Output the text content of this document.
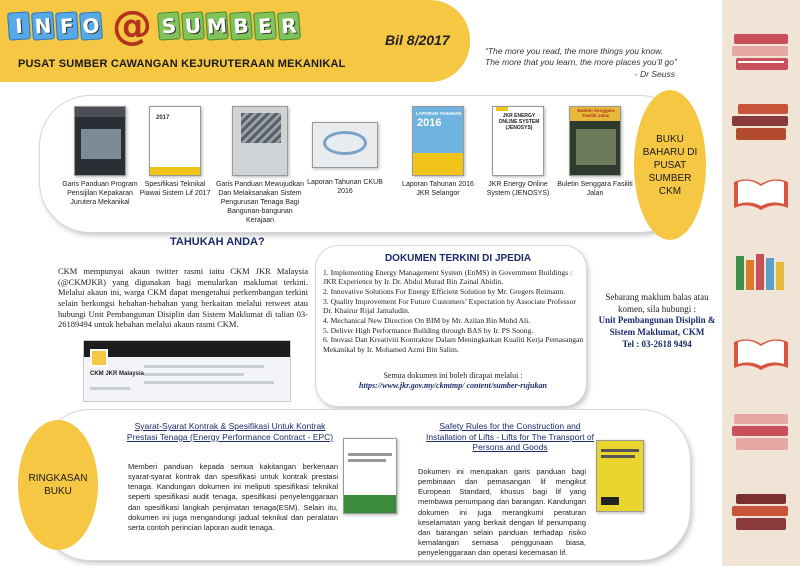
I N F O @ S U M B E R
Bil 8/2017
PUSAT SUMBER CAWANGAN KEJURUTERAAN MEKANIKAL
“The more you read, the more things you know.
The more that you learn, the more places you’ll go”
- Dr Seuss
BUKU BAHARU DI PUSAT SUMBER CKM
Garis Panduan Program Pensijilan Kepakaran Jurutera Mekanikal
2017
Spesifikasi Teknikal Piawai Sistem Lif 2017
Garis Panduan Mewujudkan Dan Melaksanakan Sistem Pengurusan Tenaga Bagi Bangunan-bangunan Kerajaan
Laporan Tahunan CKUB 2016
LAPORAN TAHUNAN
2016
Laporan Tahunan 2016 JKR Selangor
JKR ENERGY ONLINE SYSTEM (JENOSYS)
JKR Energy Online System (JENOSYS)
Buletin Senggara Fasiliti Jalan
Buletin Senggara Fasiliti Jalan
TAHUKAH ANDA?
CKM mempunyai akaun twitter rasmi iaitu CKM JKR Malaysia (@CKMJKR) yang digunakan bagi menularkan maklumat terkini. Melalui akaun ini, warga CKM dapat mengetahui perkembangan terkini selain berkongsi hebahan-hebahan yang berkaitan melalui retweet atau hubungi Unit Pembangunan Disiplin dan Sistem Maklumat di talian 03-26189494 untuk hebahan melalui akaun rasmi CKM.
CKM JKR Malaysia
DOKUMEN TERKINI DI JPEDIA
1. Implementing Energy Management System (EnMS) in Government Buildings : JKR Experience by Ir. Dr. Abdul Murad Bin Zainal Abidin.
2. Innovative Solutions For Energy Efficient Solution by Mr. Gregers Reimann.
3. Quality Improvement For Future Customers’ Expectation by Associate Professor Dr. Khairur Rijal Jamaludin.
4. Mechanical New Direction On BIM by Mr. Azilan Bin Mohd Ali.
5. Deliver High Performance Building through BAS by Ir. PS Soong.
6. Inovasi Dan Kreativiti Kontraktor Dalam Meningkatkan Kualiti Kerja Pemasangan Mekanikal by Ir. Mohamed Azmi Bin Salim.
Semua dokumen ini boleh dicapai melalui :
https://www.jkr.gov.my/ckmtmp/ content/sumber-rujukan
Sebarang maklum balas atau komen, sila hubungi :
Unit Pembangunan Disiplin & Sistem Maklumat, CKM
Tel : 03-2618 9494
RINGKASAN BUKU
Syarat-Syarat Kontrak & Spesifikasi Untuk Kontrak Prestasi Tenaga (Energy Performance Contract - EPC)
Memberi panduan kepada semua kakitangan berkenaan syarat-syarat kontrak dan spesifikasi untuk kontrak prestasi tenaga. Kandungan dokumen ini meliputi spesifikasi teknikal seperti spesifikasi audit tenaga, spesifikasi penyelenggaraan dan spesifikasi langkah penjimatan tenaga(ESM). Selain itu, dokumen ini juga mengandungi jadual teknikal dan peralatan serta contoh perincian laporan audit tenaga.
Safety Rules for the Construction and Installation of Lifts - Lifts for The Transport of Persons and Goods
Dokumen ini merupakan garis panduan bagi pembinaan dan pemasangan lif mengikut European Standard, khusus bagi lif yang membawa penumpang dan barangan. Kandungan dokumen ini juga merangkumi peraturan keselamatan yang berkait dengan lif penumpang dan barangan selain panduan terhadap risiko kemalangan semasa penggunaan biasa, penyelenggaraan dan operasi kecemasan lif.
